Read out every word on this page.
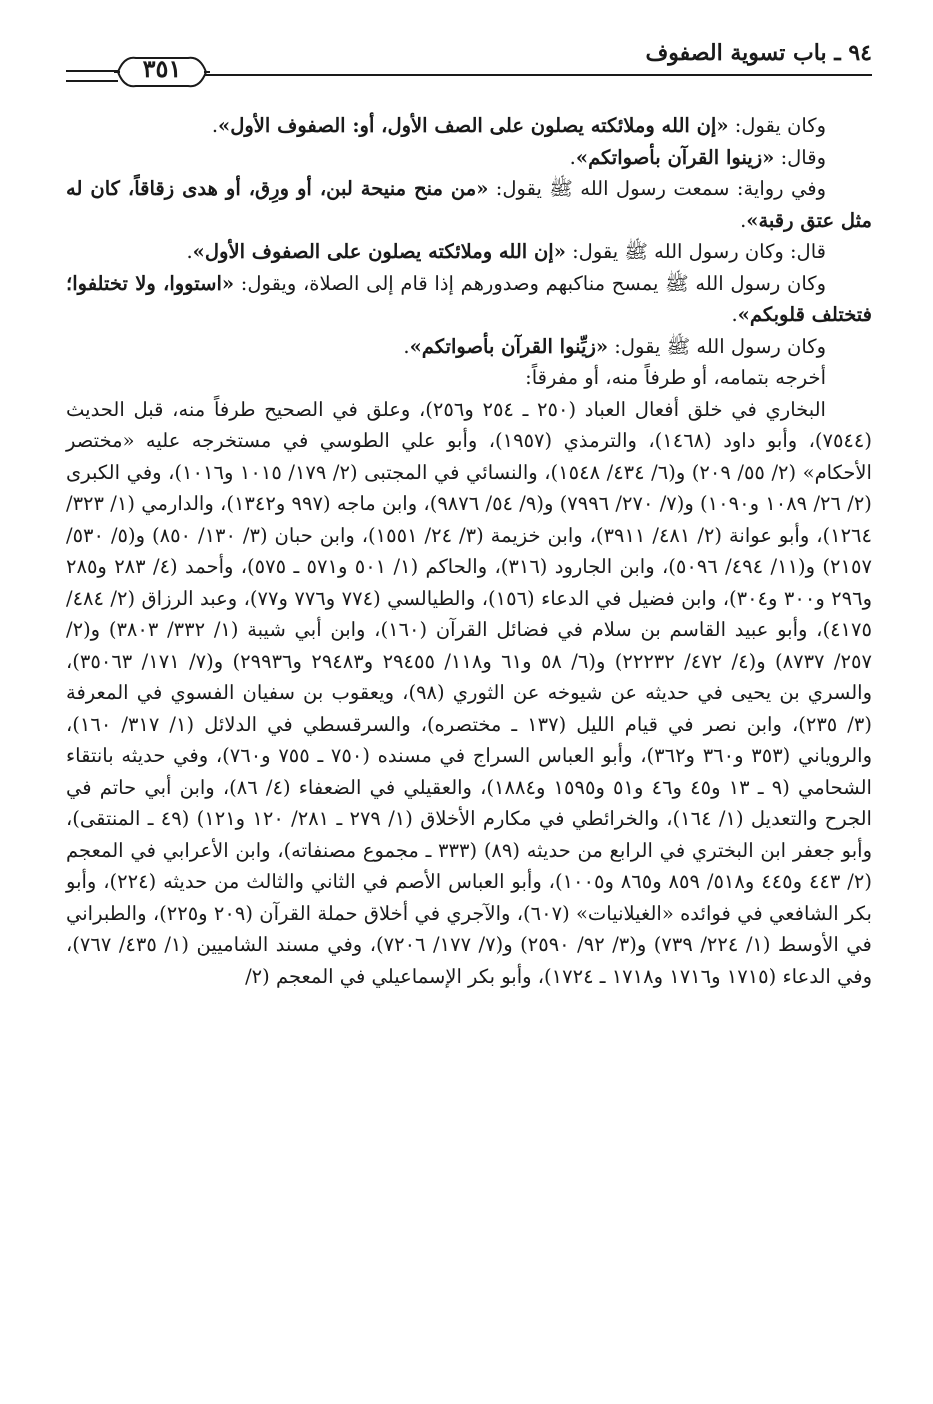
٩٤ ـ باب تسوية الصفوف
٣٥١

وكان يقول: «إن الله وملائكته يصلون على الصف الأول، أو: الصفوف الأول».

وقال: «زينوا القرآن بأصواتكم».

وفي رواية: سمعت رسول الله ﷺ يقول: «من منح منيحة لبن، أو ورِق، أو هدى زقاقاً، كان له مثل عتق رقبة».

قال: وكان رسول الله ﷺ يقول: «إن الله وملائكته يصلون على الصفوف الأول».

وكان رسول الله ﷺ يمسح مناكبهم وصدورهم إذا قام إلى الصلاة، ويقول: «استووا، ولا تختلفوا؛ فتختلف قلوبكم».

وكان رسول الله ﷺ يقول: «زيِّنوا القرآن بأصواتكم».

أخرجه بتمامه، أو طرفاً منه، أو مفرقاً:

البخاري في خلق أفعال العباد (٢٥٠ ـ ٢٥٤ و٢٥٦)، وعلق في الصحيح طرفاً منه، قبل الحديث (٧٥٤٤)، وأبو داود (١٤٦٨)، والترمذي (١٩٥٧)، وأبو علي الطوسي في مستخرجه عليه «مختصر الأحكام» (٢/ ٥٥/ ٢٠٩) و(٦/ ٤٣٤/ ١٥٤٨)، والنسائي في المجتبى (٢/ ١٧٩/ ١٠١٥ و١٠١٦)، وفي الكبرى (٢/ ٢٦/ ١٠٨٩ و١٠٩٠) و(٧/ ٢٧٠/ ٧٩٩٦) و(٩/ ٥٤/ ٩٨٧٦)، وابن ماجه (٩٩٧ و١٣٤٢)، والدارمي (١/ ٣٢٣/ ١٢٦٤)، وأبو عوانة (٢/ ٤٨١/ ٣٩١١)، وابن خزيمة (٣/ ٢٤/ ١٥٥١)، وابن حبان (٣/ ١٣٠/ ٨٥٠) و(٥/ ٥٣٠/ ٢١٥٧) و(١١/ ٤٩٤/ ٥٠٩٦)، وابن الجارود (٣١٦)، والحاكم (١/ ٥٠١ و٥٧١ ـ ٥٧٥)، وأحمد (٤/ ٢٨٣ و٢٨٥ و٢٩٦ و٣٠٠ و٣٠٤)، وابن فضيل في الدعاء (١٥٦)، والطيالسي (٧٧٤ و٧٧٦ و٧٧)، وعبد الرزاق (٢/ ٤٨٤/ ٤١٧٥)، وأبو عبيد القاسم بن سلام في فضائل القرآن (١٦٠)، وابن أبي شيبة (١/ ٣٣٢/ ٣٨٠٣) و(٢/ ٢٥٧/ ٨٧٣٧) و(٤/ ٤٧٢/ ٢٢٢٣٢) و(٦/ ٥٨ و٦١ و١١٨/ ٢٩٤٥٥ و٢٩٤٨٣ و٢٩٩٣٦) و(٧/ ١٧١/ ٣٥٠٦٣)، والسري بن يحيى في حديثه عن شيوخه عن الثوري (٩٨)، ويعقوب بن سفيان الفسوي في المعرفة (٣/ ٢٣٥)، وابن نصر في قيام الليل (١٣٧ ـ مختصره)، والسرقسطي في الدلائل (١/ ٣١٧/ ١٦٠)، والروياني (٣٥٣ و٣٦٠ و٣٦٢)، وأبو العباس السراج في مسنده (٧٥٠ ـ ٧٥٥ و٧٦٠)، وفي حديثه بانتقاء الشحامي (٩ ـ ١٣ و٤٥ و٤٦ و٥١ و١٥٩٥ و١٨٨٤)، والعقيلي في الضعفاء (٤/ ٨٦)، وابن أبي حاتم في الجرح والتعديل (١/ ١٦٤)، والخرائطي في مكارم الأخلاق (١/ ٢٧٩ ـ ٢٨١/ ١٢٠ و١٢١) (٤٩ ـ المنتقى)، وأبو جعفر ابن البختري في الرابع من حديثه (٨٩) (٣٣٣ ـ مجموع مصنفاته)، وابن الأعرابي في المعجم (٢/ ٤٤٣ و٤٤٥ و٥١٨/ ٨٥٩ و٨٦٥ و١٠٠٥)، وأبو العباس الأصم في الثاني والثالث من حديثه (٢٢٤)، وأبو بكر الشافعي في فوائده «الغيلانيات» (٦٠٧)، والآجري في أخلاق حملة القرآن (٢٠٩ و٢٢٥)، والطبراني في الأوسط (١/ ٢٢٤/ ٧٣٩) و(٣/ ٩٢/ ٢٥٩٠) و(٧/ ١٧٧/ ٧٢٠٦)، وفي مسند الشاميين (١/ ٤٣٥/ ٧٦٧)، وفي الدعاء (١٧١٥ و١٧١٦ و١٧١٨ ـ ١٧٢٤)، وأبو بكر الإسماعيلي في المعجم (٢/
